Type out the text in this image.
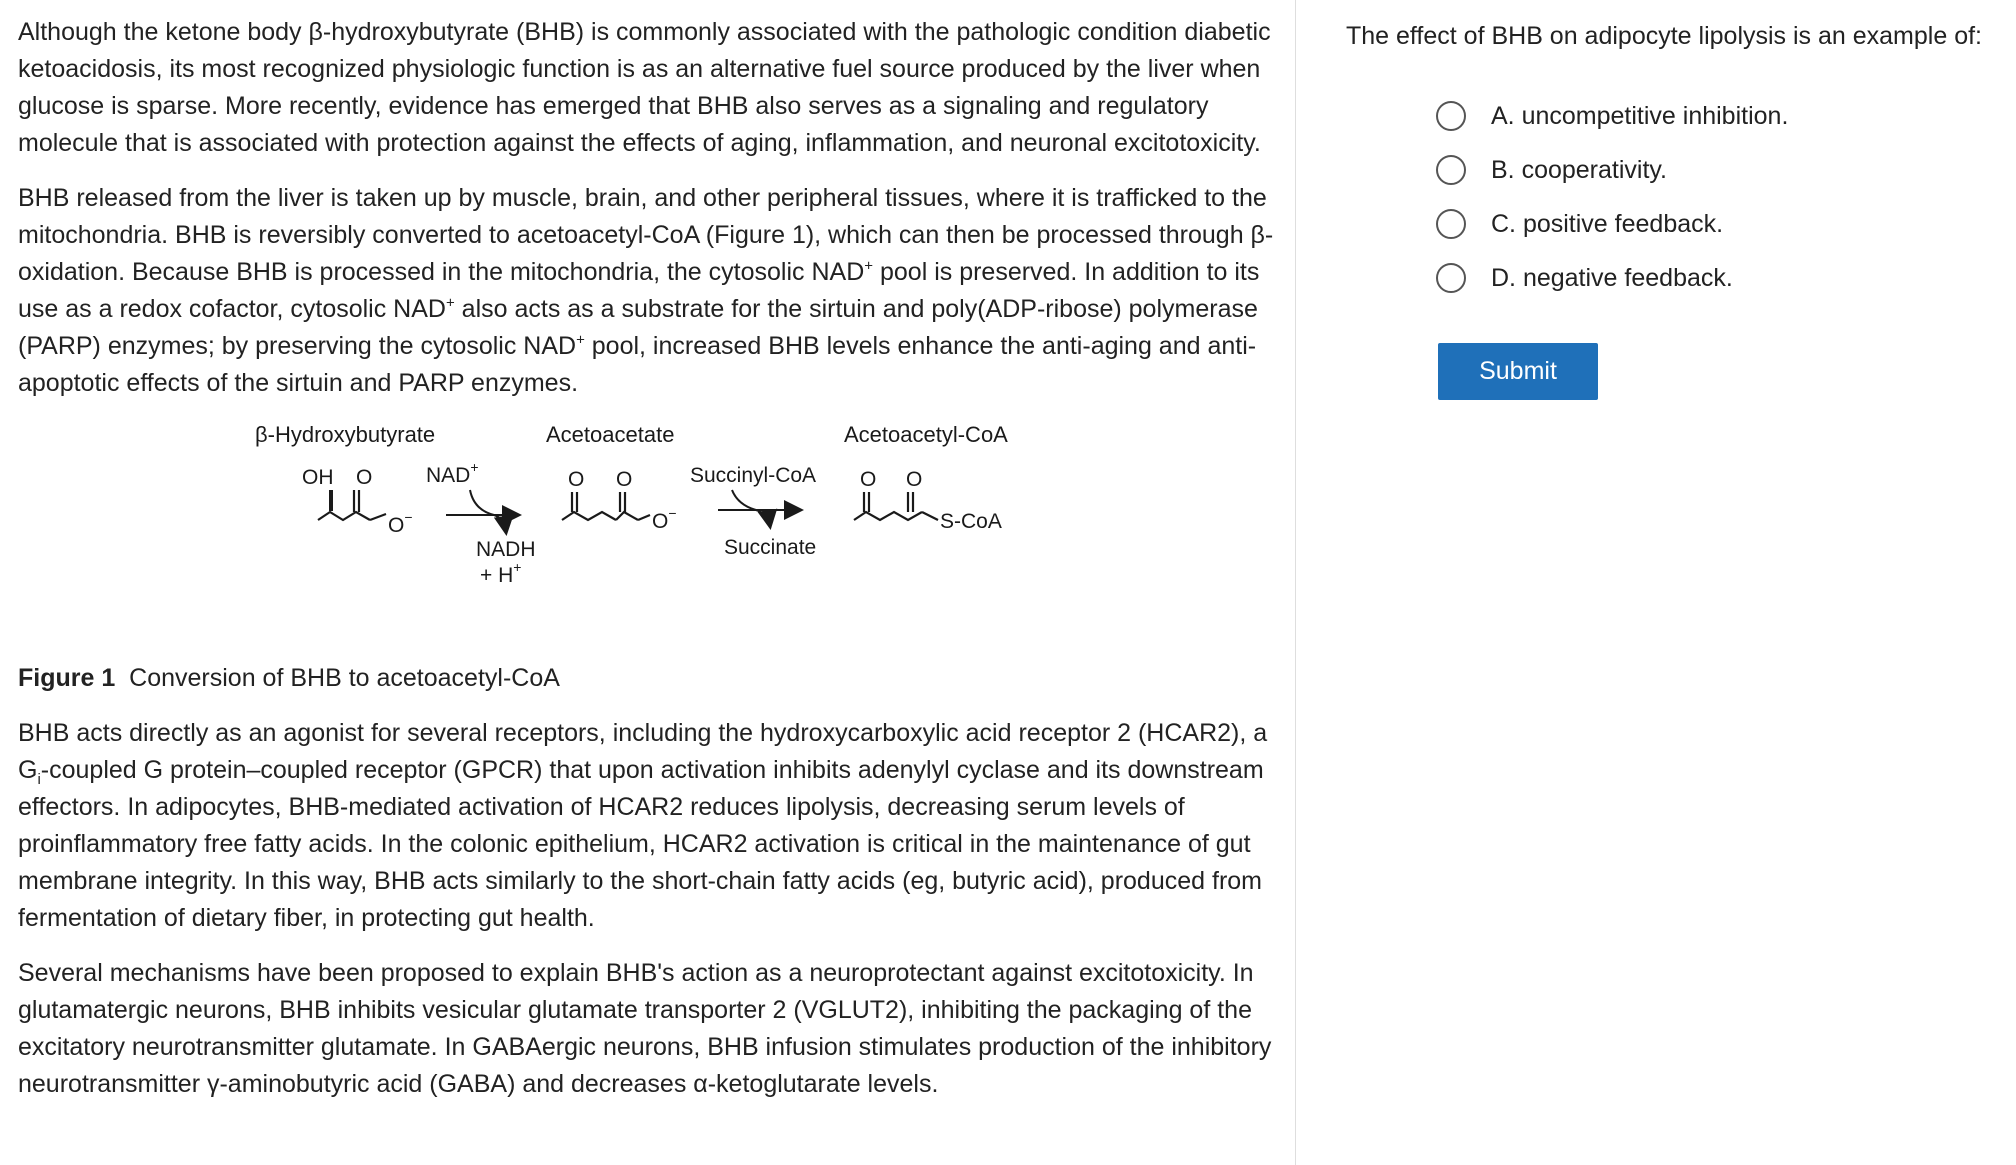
Although the ketone body β-hydroxybutyrate (BHB) is commonly associated with the pathologic condition diabetic ketoacidosis, its most recognized physiologic function is as an alternative fuel source produced by the liver when glucose is sparse. More recently, evidence has emerged that BHB also serves as a signaling and regulatory molecule that is associated with protection against the effects of aging, inflammation, and neuronal excitotoxicity.

BHB released from the liver is taken up by muscle, brain, and other peripheral tissues, where it is trafficked to the mitochondria. BHB is reversibly converted to acetoacetyl-CoA (Figure 1), which can then be processed through β-oxidation. Because BHB is processed in the mitochondria, the cytosolic NAD+ pool is preserved. In addition to its use as a redox cofactor, cytosolic NAD+ also acts as a substrate for the sirtuin and poly(ADP-ribose) polymerase (PARP) enzymes; by preserving the cytosolic NAD+ pool, increased BHB levels enhance the anti-aging and anti-apoptotic effects of the sirtuin and PARP enzymes.

β-Hydroxybutyrate	Acetoacetate	Acetoacetyl-CoA
OH O
O−
NAD+
NADH
+ H+
O O
O−
Succinyl-CoA
Succinate
O O
S-CoA

Figure 1 Conversion of BHB to acetoacetyl-CoA

BHB acts directly as an agonist for several receptors, including the hydroxycarboxylic acid receptor 2 (HCAR2), a $G_i$-coupled G protein–coupled receptor (GPCR) that upon activation inhibits adenylyl cyclase and its downstream effectors. In adipocytes, BHB-mediated activation of HCAR2 reduces lipolysis, decreasing serum levels of proinflammatory free fatty acids. In the colonic epithelium, HCAR2 activation is critical in the maintenance of gut membrane integrity. In this way, BHB acts similarly to the short-chain fatty acids (eg, butyric acid), produced from fermentation of dietary fiber, in protecting gut health.

Several mechanisms have been proposed to explain BHB's action as a neuroprotectant against excitotoxicity. In glutamatergic neurons, BHB inhibits vesicular glutamate transporter 2 (VGLUT2), inhibiting the packaging of the excitatory neurotransmitter glutamate. In GABAergic neurons, BHB infusion stimulates production of the inhibitory neurotransmitter γ-aminobutyric acid (GABA) and decreases α-ketoglutarate levels.

The effect of BHB on adipocyte lipolysis is an example of:

A. uncompetitive inhibition.
B. cooperativity.
C. positive feedback.
D. negative feedback.
Submit
